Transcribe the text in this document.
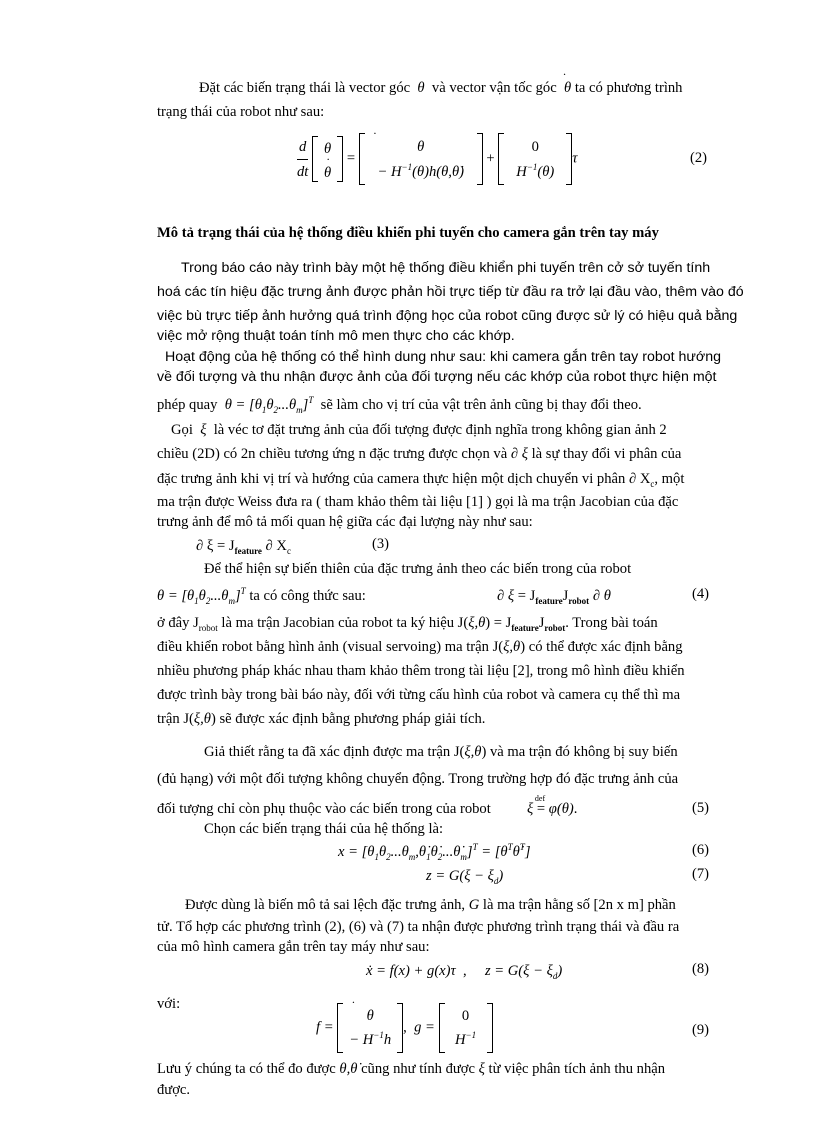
Đặt các biến trạng thái là vector góc  θ  và vector vận tốc góc ˙  θ ta có phương trình
trạng thái của robot như sau:
$\frac{d}{dt}$
θ
˙ θ
=
˙ θ
− $H^{-1}(\theta)h(\theta,\thetȧ)$
+
0
$H^{-1}(\theta)$
τ	(2)
Mô tả trạng thái của hệ thống điều khiển phi tuyến cho camera gắn trên tay máy
Trong báo cáo này trình bày một hệ thống điều khiển phi tuyến trên cở sở tuyến tính
hoá các tín hiệu đặc trưng ảnh được phản hồi trực tiếp từ đầu ra trở lại đầu vào, thêm vào đó
việc bù trực tiếp ảnh hưởng quá trình động học của robot cũng được sử lý có hiệu quả bằng
việc mở rộng thuật toán tính mô men thực cho các khớp.
Hoạt động của hệ thống có thể hình dung như sau: khi camera gắn trên tay robot hướng
về đối tượng và thu nhận được ảnh của đối tượng nếu các khớp của robot thực hiện một
phép quay  $\theta = [\theta_1\theta_2...\theta_m]^T$ sẽ làm cho vị trí của vật trên ảnh cũng bị thay đổi theo.
Gọi  ξ  là véc tơ đặt trưng ảnh của đối tượng được định nghĩa trong không gian ảnh 2
chiều (2D) có 2n chiều tương ứng n đặc trưng được chọn và ∂ ξ là sự thay đổi vi phân của
đặc trưng ảnh khi vị trí và hướng của camera thực hiện một dịch chuyển vi phân ∂ $X_c$, một
ma trận được Weiss đưa ra ( tham khảo thêm tài liệu [1] ) gọi là ma trận Jacobian của đặc
trưng ảnh để mô tả mối quan hệ giữa các đại lượng này như sau:
∂ $\xi = J_{feature}$ ∂ $X_c$	(3)
Để thể hiện sự biến thiên của đặc trưng ảnh theo các biến trong của robot
$\theta = [\theta_1\theta_2...\theta_m]^T$ ta có công thức sau:	∂ $\xi = J_{feature}J_{robot}$ ∂ θ	(4)
ở đây $J_{robot}$ là ma trận Jacobian của robot ta ký hiệu $J(\xi,\theta) = J_{feature}J_{robot}$. Trong bài toán
điều khiển robot bằng hình ảnh (visual servoing) ma trận J(ξ,θ) có thể được xác định bằng
nhiều phương pháp khác nhau tham khảo thêm trong tài liệu [2], trong mô hình điều khiển
được trình bày trong bài báo này, đối với từng cấu hình của robot và camera cụ thể thì ma
trận J(ξ,θ) sẽ được xác định bằng phương pháp giải tích.
Giả thiết rằng ta đã xác định được ma trận J(ξ,θ) và ma trận đó không bị suy biến
(đủ hạng) với một đối tượng không chuyển động. Trong trường hợp đó đặc trưng ảnh của
đối tượng chỉ còn phụ thuộc vào các biến trong của robot ξ =
def
φ(θ).	(5)
Chọn các biến trạng thái của hệ thống là:
$x = [\theta_1\theta_2...\theta_m,\thetȧ_1\thetȧ_2...\thetȧ_m]^T$ = $[\theta^T\thetȧ^T]$	(6)
$z = G(\xi - \xi_d)$	(7)
Được dùng là biến mô tả sai lệch đặc trưng ảnh, G là ma trận hằng số [2n x m] phần
tử. Tổ hợp các phương trình (2), (6) và (7) ta nhận được phương trình trạng thái và đầu ra
của mô hình camera gắn trên tay máy như sau:
ẋ = f(x) + g(x)τ  ,     $z = G(\xi - \xi_d)$	(8)
với:
f =
˙ θ
− $H^{-1}h$
,  g =
0
$H^{-1}$	(9)
Lưu ý chúng ta có thể đo được θ,θ̇ cũng như tính được ξ từ việc phân tích ảnh thu nhận
được.
